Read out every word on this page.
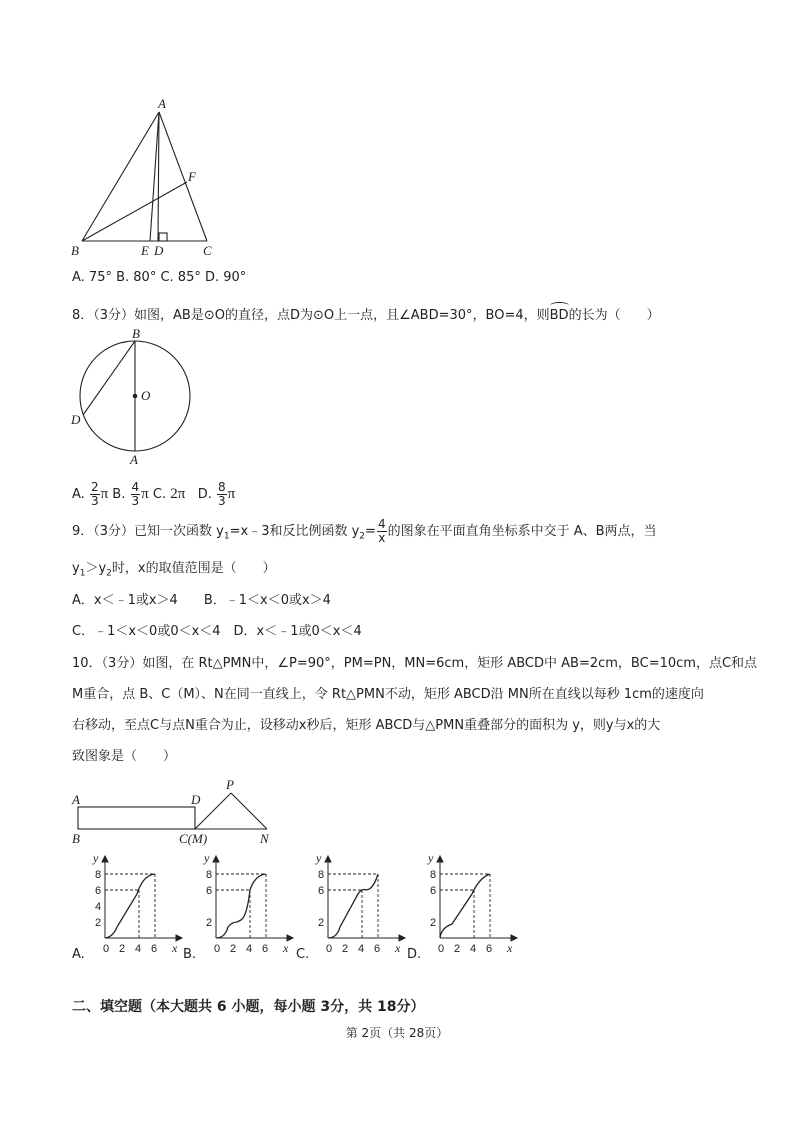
A
B	C
D
E
F
A. 75° B. 80° C. 85° D. 90°
8．（3分）如图，AB是⊙O的直径，点D为⊙O上一点，且∠ABD=30°，BO=4，则BD的长为（　　）
B
O
D
A
A. $\frac{2}{3}$ π B. $\frac{4}{3}$ π C. 2π D. $\frac{8}{3}$ π
9．（3分）已知一次函数 $y_1=x﹣3$和反比例函数 $y_2= \frac{4}{x}$ 的图象在平面直角坐标系中交于 A、B两点，当
$y_1>y_2$时，x的取值范围是（　　）
A．x＜﹣1或x＞4　　B．﹣1＜x＜0或x＞4
C．﹣1＜x＜0或0＜x＜4　D．x＜﹣1或0＜x＜4
10．（3分）如图，在 Rt△PMN中，∠P=90°，PM=PN，MN=6cm，矩形 ABCD中 AB=2cm，BC=10cm，点C和点
M重合，点 B、C（M）、N在同一直线上，令 Rt△PMN不动，矩形 ABCD沿 MN所在直线以每秒 1cm的速度向
右移动，至点C与点N重合为止，设移动x秒后，矩形 ABCD与△PMN重叠部分的面积为 y，则y与x的大
致图象是（　　）
A	D
P
B	C(M)	N
A.	B.	C.	D.
8
6
4
2
0 2 4 6 x
y
8
6
2
0 2 4 6 x
y
8
6
2
0 2 4 6 x
y
8
6
2
0 2 4 6 x
y
二、填空题（本大题共 6 小题，每小题 3分，共 18分）
第 2页（共 28页）
